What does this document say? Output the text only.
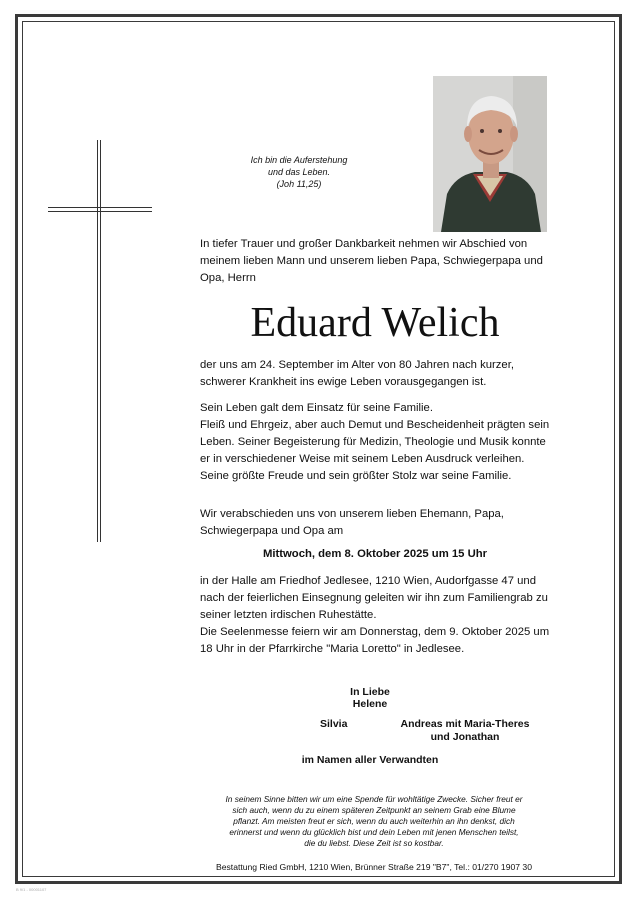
Ich bin die Auferstehung
und das Leben.
(Joh 11,25)

In tiefer Trauer und großer Dankbarkeit nehmen wir Abschied von meinem lieben Mann und unserem lieben Papa, Schwiegerpapa und Opa, Herrn

Eduard Welich

der uns am 24. September im Alter von 80 Jahren nach kurzer, schwerer Krankheit ins ewige Leben vorausgegangen ist.

Sein Leben galt dem Einsatz für seine Familie.

Fleiß und Ehrgeiz, aber auch Demut und Bescheidenheit prägten sein Leben. Seiner Begeisterung für Medizin, Theologie und Musik konnte er in verschiedener Weise mit seinem Leben Ausdruck verleihen. Seine größte Freude und sein größter Stolz war seine Familie.

Wir verabschieden uns von unserem lieben Ehemann, Papa, Schwiegerpapa und Opa am

Mittwoch, dem 8. Oktober 2025 um 15 Uhr

in der Halle am Friedhof Jedlesee, 1210 Wien, Audorfgasse 47 und nach der feierlichen Einsegnung geleiten wir ihn zum Familiengrab zu seiner letzten irdischen Ruhestätte.

Die Seelenmesse feiern wir am Donnerstag, dem 9. Oktober 2025 um 18 Uhr in der Pfarrkirche "Maria Loretto" in Jedlesee.

In Liebe
Helene
Silvia	Andreas mit Maria-Theres
und Jonathan
im Namen aller Verwandten
In seinem Sinne bitten wir um eine Spende für wohltätige Zwecke. Sicher freut er
sich auch, wenn du zu einem späteren Zeitpunkt an seinem Grab eine Blume
pflanzt. Am meisten freut er sich, wenn du auch weiterhin an ihn denkst, dich
erinnerst und wenn du glücklich bist und dein Leben mit jenen Menschen teilst,
die du liebst. Diese Zeit ist so kostbar.
Bestattung Ried GmbH, 1210 Wien, Brünner Straße 219 "B7", Tel.: 01/270 1907 30
B 9/1 - 00001107
